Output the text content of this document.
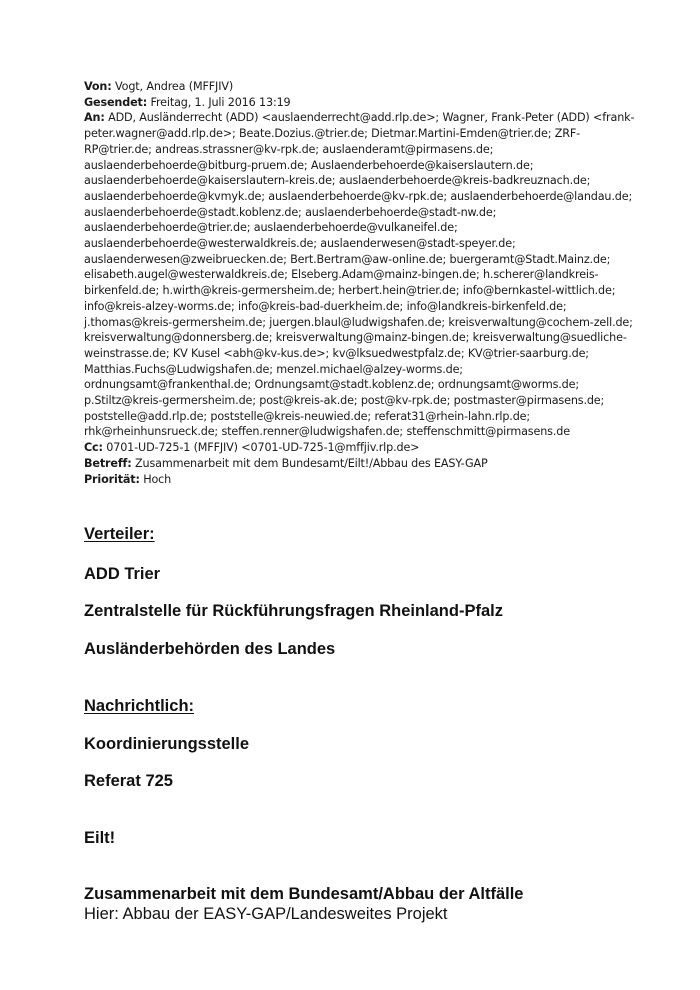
Von: Vogt, Andrea (MFFJIV)
Gesendet: Freitag, 1. Juli 2016 13:19
An: ADD, Ausländerrecht (ADD) <auslaenderrecht@add.rlp.de>; Wagner, Frank-Peter (ADD) <frank-
peter.wagner@add.rlp.de>; Beate.Dozius.@trier.de; Dietmar.Martini-Emden@trier.de; ZRF-
RP@trier.de; andreas.strassner@kv-rpk.de; auslaenderamt@pirmasens.de;
auslaenderbehoerde@bitburg-pruem.de; Auslaenderbehoerde@kaiserslautern.de;
auslaenderbehoerde@kaiserslautern-kreis.de; auslaenderbehoerde@kreis-badkreuznach.de;
auslaenderbehoerde@kvmyk.de; auslaenderbehoerde@kv-rpk.de; auslaenderbehoerde@landau.de;
auslaenderbehoerde@stadt.koblenz.de; auslaenderbehoerde@stadt-nw.de;
auslaenderbehoerde@trier.de; auslaenderbehoerde@vulkaneifel.de;
auslaenderbehoerde@westerwaldkreis.de; auslaenderwesen@stadt-speyer.de;
auslaenderwesen@zweibruecken.de; Bert.Bertram@aw-online.de; buergeramt@Stadt.Mainz.de;
elisabeth.augel@westerwaldkreis.de; Elseberg.Adam@mainz-bingen.de; h.scherer@landkreis-
birkenfeld.de; h.wirth@kreis-germersheim.de; herbert.hein@trier.de; info@bernkastel-wittlich.de;
info@kreis-alzey-worms.de; info@kreis-bad-duerkheim.de; info@landkreis-birkenfeld.de;
j.thomas@kreis-germersheim.de; juergen.blaul@ludwigshafen.de; kreisverwaltung@cochem-zell.de;
kreisverwaltung@donnersberg.de; kreisverwaltung@mainz-bingen.de; kreisverwaltung@suedliche-
weinstrasse.de; KV Kusel <abh@kv-kus.de>; kv@lksuedwestpfalz.de; KV@trier-saarburg.de;
Matthias.Fuchs@Ludwigshafen.de; menzel.michael@alzey-worms.de;
ordnungsamt@frankenthal.de; Ordnungsamt@stadt.koblenz.de; ordnungsamt@worms.de;
p.Stiltz@kreis-germersheim.de; post@kreis-ak.de; post@kv-rpk.de; postmaster@pirmasens.de;
poststelle@add.rlp.de; poststelle@kreis-neuwied.de; referat31@rhein-lahn.rlp.de;
rhk@rheinhunsrueck.de; steffen.renner@ludwigshafen.de; steffenschmitt@pirmasens.de
Cc: 0701-UD-725-1 (MFFJIV) <0701-UD-725-1@mffjiv.rlp.de>
Betreff: Zusammenarbeit mit dem Bundesamt/Eilt!/Abbau des EASY-GAP
Priorität: Hoch
Verteiler:
ADD Trier
Zentralstelle für Rückführungsfragen Rheinland-Pfalz
Ausländerbehörden des Landes
Nachrichtlich:
Koordinierungsstelle
Referat 725
Eilt!
Zusammenarbeit mit dem Bundesamt/Abbau der Altfälle
Hier: Abbau der EASY-GAP/Landesweites Projekt
